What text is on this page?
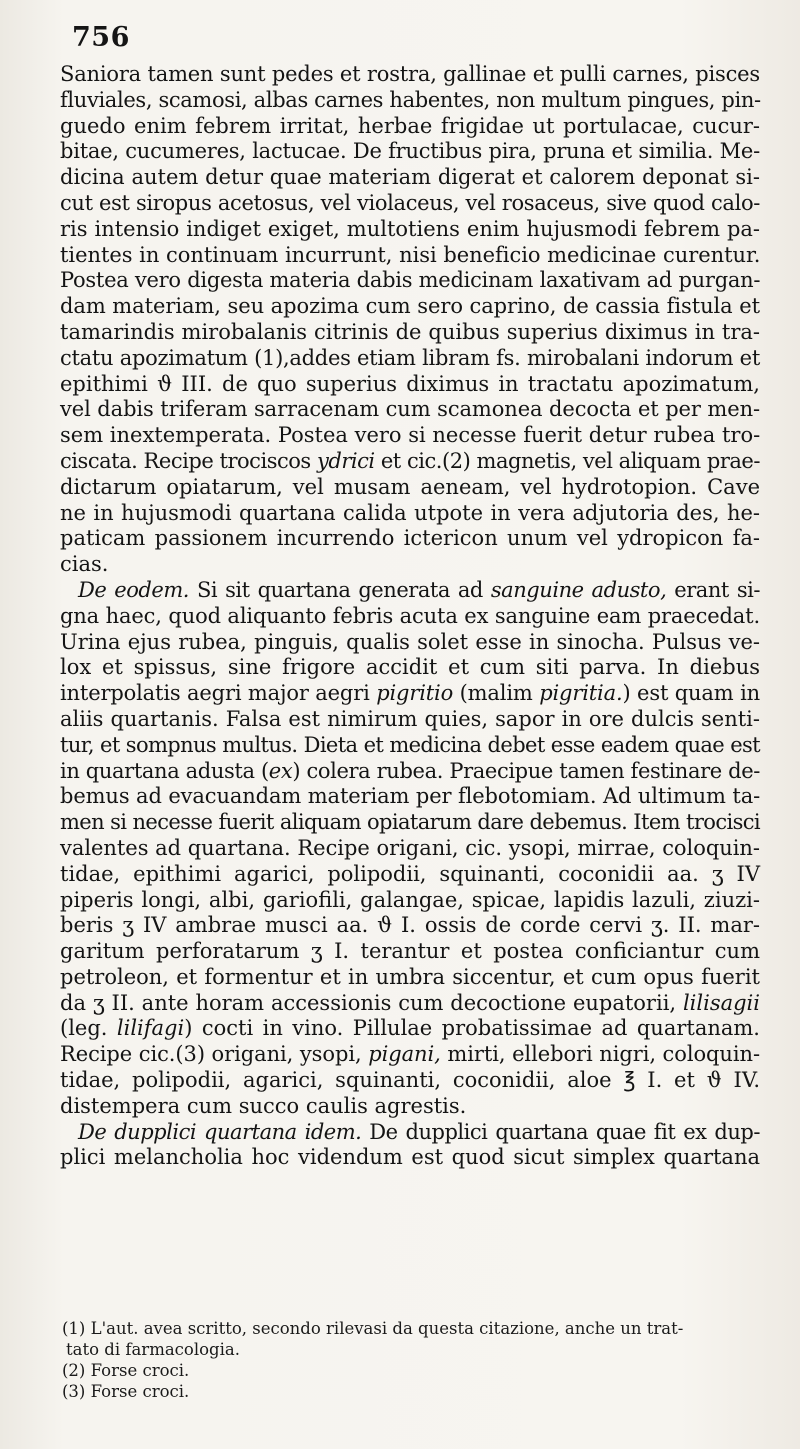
756
Saniora tamen sunt pedes et rostra, gallinae et pulli carnes, pisces
fluviales, scamosi, albas carnes habentes, non multum pingues, pin-
guedo enim febrem irritat, herbae frigidae ut portulacae, cucur-
bitae, cucumeres, lactucae. De fructibus pira, pruna et similia. Me-
dicina autem detur quae materiam digerat et calorem deponat si-
cut est siropus acetosus, vel violaceus, vel rosaceus, sive quod calo-
ris intensio indiget exiget, multotiens enim hujusmodi febrem pa-
tientes in continuam incurrunt, nisi beneficio medicinae curentur.
Postea vero digesta materia dabis medicinam laxativam ad purgan-
dam materiam, seu apozima cum sero caprino, de cassia fistula et
tamarindis mirobalanis citrinis de quibus superius diximus in tra-
ctatu apozimatum (1),addes etiam libram fs. mirobalani indorum et
epithimi ϑ III. de quo superius diximus in tractatu apozimatum,
vel dabis triferam sarracenam cum scamonea decocta et per men-
sem inextemperata. Postea vero si necesse fuerit detur rubea tro-
ciscata. Recipe trociscos ydrici et cic.(2) magnetis, vel aliquam prae-
dictarum opiatarum, vel musam aeneam, vel hydrotopion. Cave
ne in hujusmodi quartana calida utpote in vera adjutoria des, he-
paticam passionem incurrendo ictericon unum vel ydropicon fa-
cias.
De eodem. Si sit quartana generata ad sanguine adusto, erant si-
gna haec, quod aliquanto febris acuta ex sanguine eam praecedat.
Urina ejus rubea, pinguis, qualis solet esse in sinocha. Pulsus ve-
lox et spissus, sine frigore accidit et cum siti parva. In diebus
interpolatis aegri major aegri pigritio (malim pigritia.) est quam in
aliis quartanis. Falsa est nimirum quies, sapor in ore dulcis senti-
tur, et sompnus multus. Dieta et medicina debet esse eadem quae est
in quartana adusta (ex) colera rubea. Praecipue tamen festinare de-
bemus ad evacuandam materiam per flebotomiam. Ad ultimum ta-
men si necesse fuerit aliquam opiatarum dare debemus. Item trocisci
valentes ad quartana. Recipe origani, cic. ysopi, mirrae, coloquin-
tidae, epithimi agarici, polipodii, squinanti, coconidii aa. ʒ IV
piperis longi, albi, gariofili, galangae, spicae, lapidis lazuli, ziuzi-
beris ʒ IV ambrae musci aa. ϑ I. ossis de corde cervi ʒ. II. mar-
garitum perforatarum ʒ I. terantur et postea conficiantur cum
petroleon, et formentur et in umbra siccentur, et cum opus fuerit
da ʒ II. ante horam accessionis cum decoctione eupatorii, lilisagii
(leg. lilifagi) cocti in vino. Pillulae probatissimae ad quartanam.
Recipe cic.(3) origani, ysopi, pigani, mirti, ellebori nigri, coloquin-
tidae, polipodii, agarici, squinanti, coconidii, aloe ℥ I. et ϑ IV.
distempera cum succo caulis agrestis.
De dupplici quartana idem. De dupplici quartana quae fit ex dup-
plici melancholia hoc videndum est quod sicut simplex quartana
(1) L'aut. avea scritto, secondo rilevasi da questa citazione, anche un trat-
tato di farmacologia.
(2) Forse croci.
(3) Forse croci.
